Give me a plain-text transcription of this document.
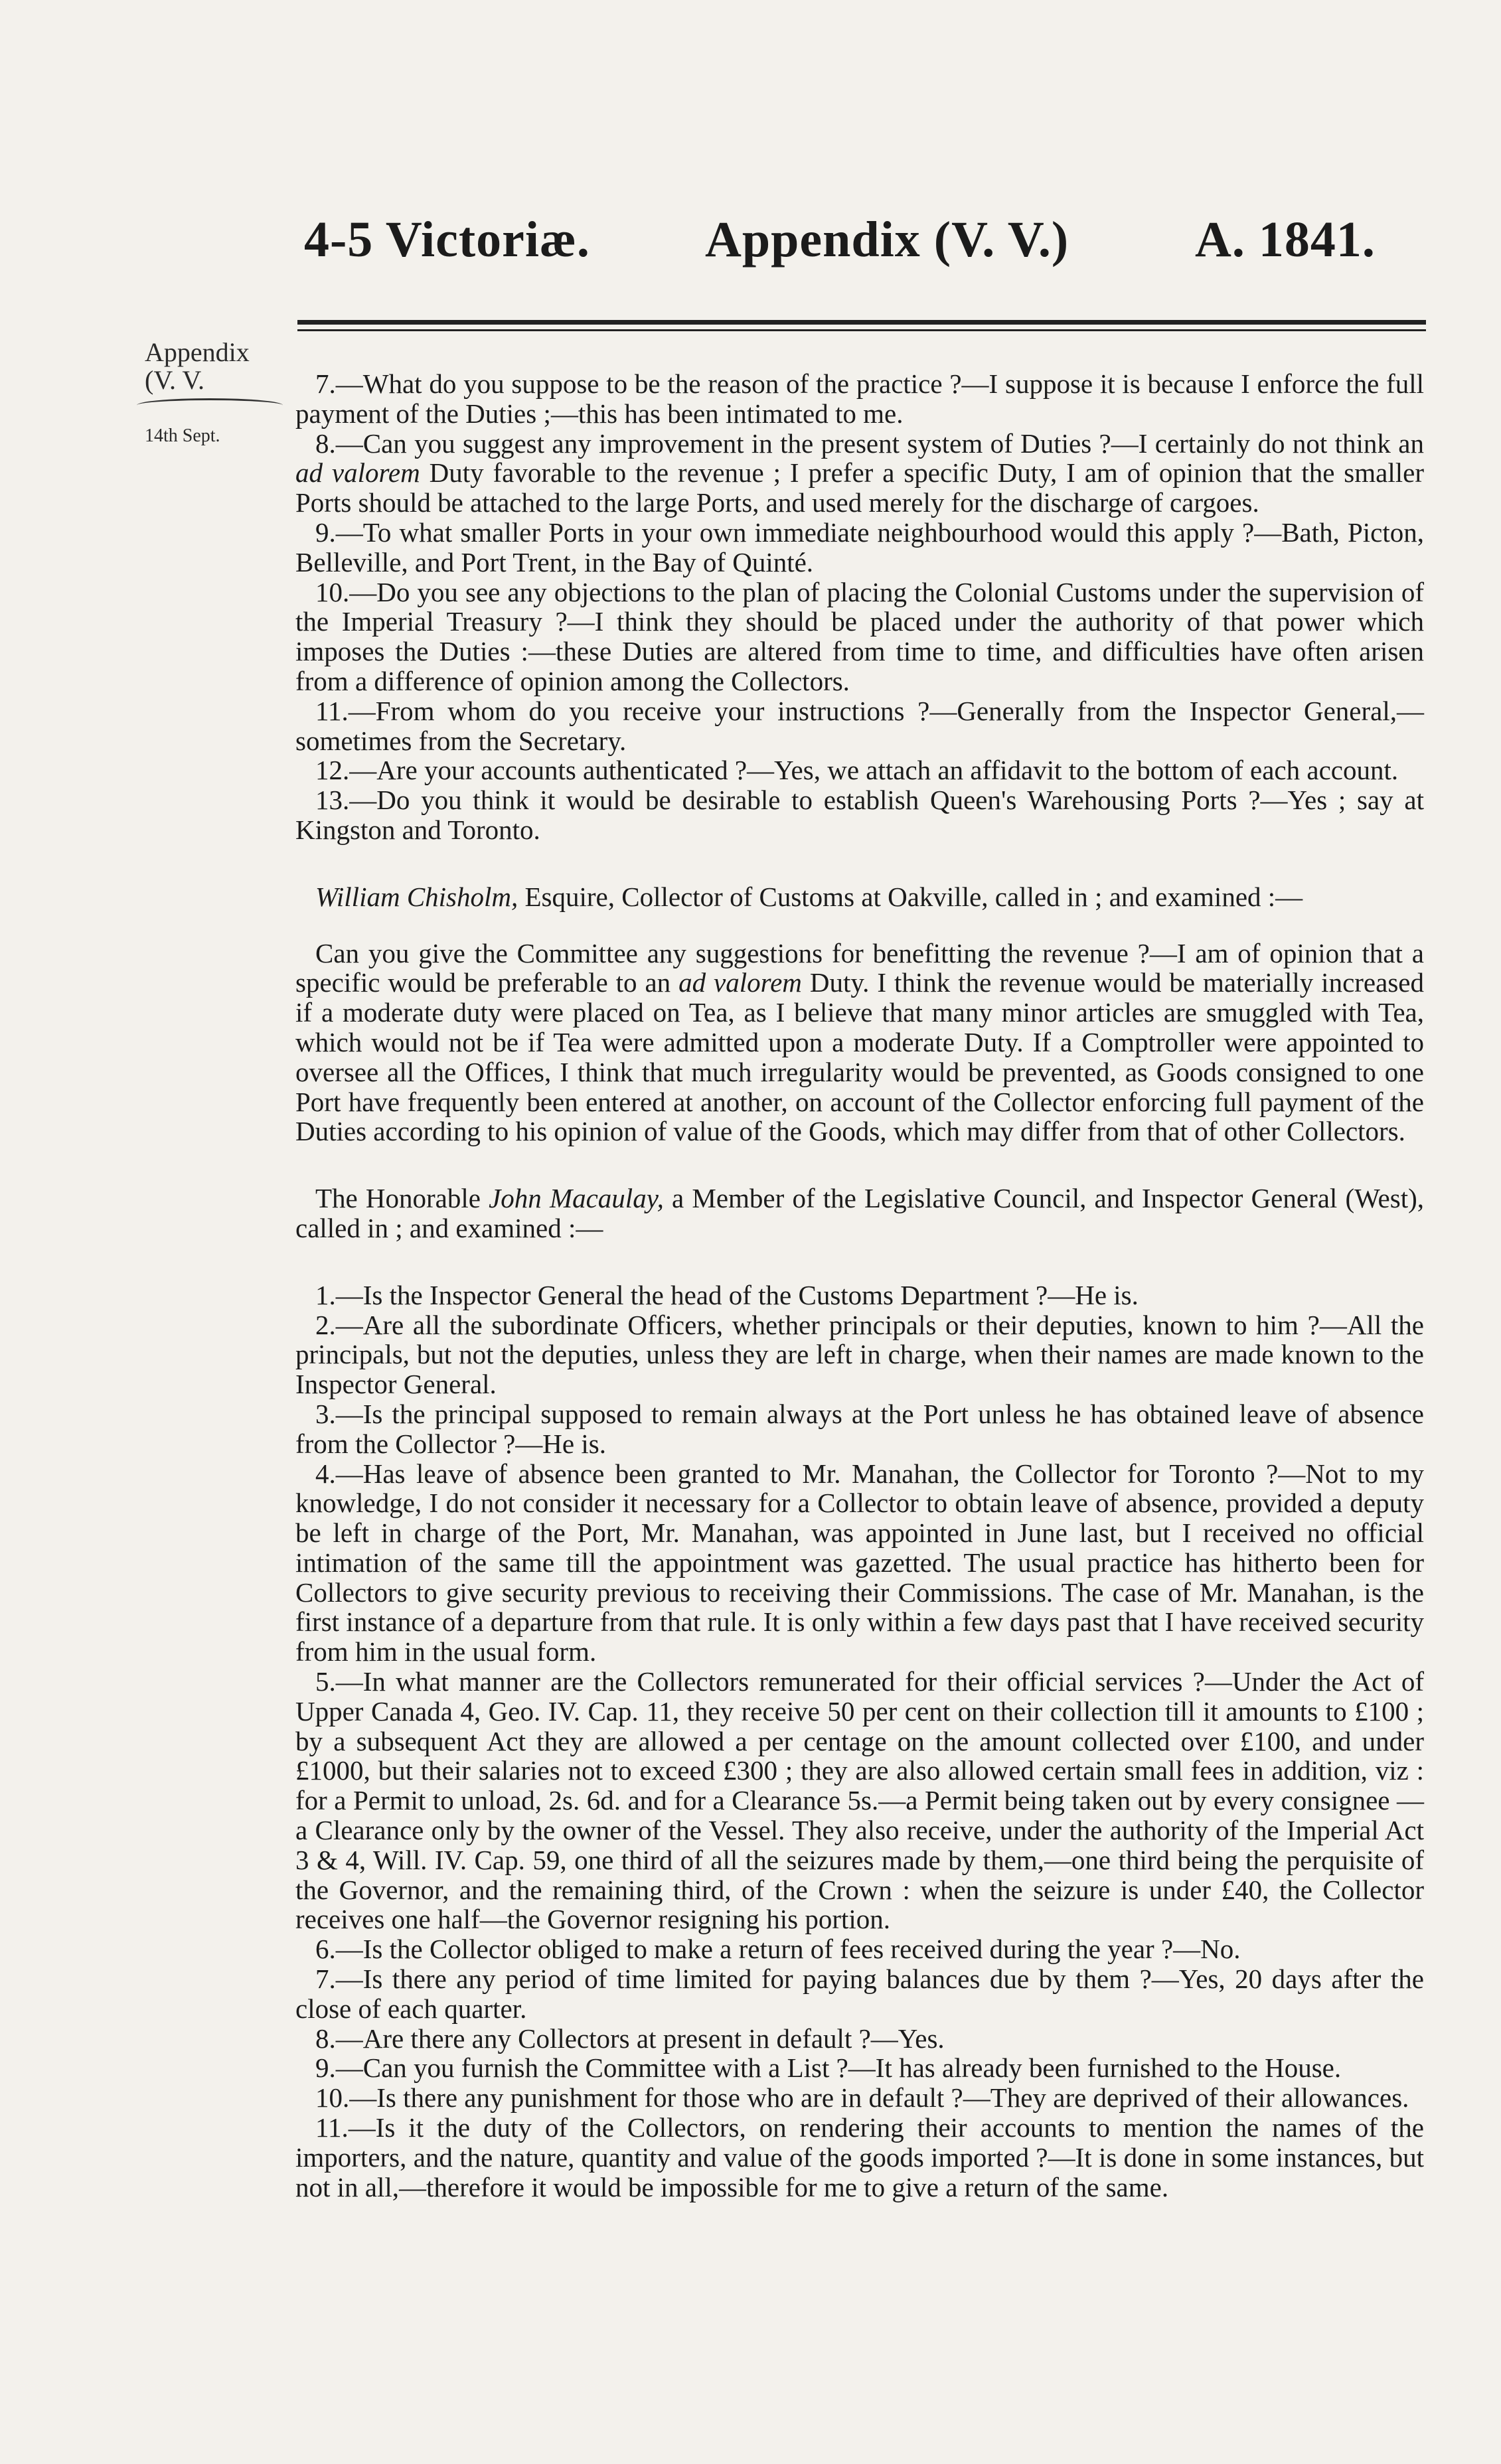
4-5 Victoriæ. Appendix (V. V.) A. 1841.
Appendix
(V. V.
14th Sept.

7.—What do you suppose to be the reason of the practice ?—I suppose it is because I enforce the full payment of the Duties ;—this has been intimated to me.

8.—Can you suggest any improvement in the present system of Duties ?—I certainly do not think an ad valorem Duty favorable to the revenue ; I prefer a specific Duty, I am of opinion that the smaller Ports should be attached to the large Ports, and used merely for the discharge of cargoes.

9.—To what smaller Ports in your own immediate neighbourhood would this apply ?—Bath, Picton, Belleville, and Port Trent, in the Bay of Quinté.

10.—Do you see any objections to the plan of placing the Colonial Customs under the supervision of the Imperial Treasury ?—I think they should be placed under the authority of that power which imposes the Duties :—these Duties are altered from time to time, and difficulties have often arisen from a difference of opinion among the Collectors.

11.—From whom do you receive your instructions ?—Generally from the Inspector General,—sometimes from the Secretary.

12.—Are your accounts authenticated ?—Yes, we attach an affidavit to the bottom of each account.

13.—Do you think it would be desirable to establish Queen's Warehousing Ports ?—Yes ; say at Kingston and Toronto.

William Chisholm, Esquire, Collector of Customs at Oakville, called in ; and examined :—

Can you give the Committee any suggestions for benefitting the revenue ?—I am of opinion that a specific would be preferable to an ad valorem Duty. I think the revenue would be materially increased if a moderate duty were placed on Tea, as I believe that many minor articles are smuggled with Tea, which would not be if Tea were admitted upon a moderate Duty. If a Comptroller were appointed to oversee all the Offices, I think that much irregularity would be prevented, as Goods consigned to one Port have frequently been entered at another, on account of the Collector enforcing full payment of the Duties according to his opinion of value of the Goods, which may differ from that of other Collectors.

The Honorable John Macaulay, a Member of the Legislative Council, and Inspector General (West), called in ; and examined :—

1.—Is the Inspector General the head of the Customs Department ?—He is.

2.—Are all the subordinate Officers, whether principals or their deputies, known to him ?—All the principals, but not the deputies, unless they are left in charge, when their names are made known to the Inspector General.

3.—Is the principal supposed to remain always at the Port unless he has obtained leave of absence from the Collector ?—He is.

4.—Has leave of absence been granted to Mr. Manahan, the Collector for Toronto ?—Not to my knowledge, I do not consider it necessary for a Collector to obtain leave of absence, provided a deputy be left in charge of the Port, Mr. Manahan, was appointed in June last, but I received no official intimation of the same till the appointment was gazetted. The usual practice has hitherto been for Collectors to give security previous to receiving their Commissions. The case of Mr. Manahan, is the first instance of a departure from that rule. It is only within a few days past that I have received security from him in the usual form.

5.—In what manner are the Collectors remunerated for their official services ?—Under the Act of Upper Canada 4, Geo. IV. Cap. 11, they receive 50 per cent on their collection till it amounts to £100 ; by a subsequent Act they are allowed a per centage on the amount collected over £100, and under £1000, but their salaries not to exceed £300 ; they are also allowed certain small fees in addition, viz : for a Permit to unload, 2s. 6d. and for a Clearance 5s.—a Permit being taken out by every consignee —a Clearance only by the owner of the Vessel. They also receive, under the authority of the Imperial Act 3 & 4, Will. IV. Cap. 59, one third of all the seizures made by them,—one third being the perquisite of the Governor, and the remaining third, of the Crown : when the seizure is under £40, the Collector receives one half—the Governor resigning his portion.

6.—Is the Collector obliged to make a return of fees received during the year ?—No.

7.—Is there any period of time limited for paying balances due by them ?—Yes, 20 days after the close of each quarter.

8.—Are there any Collectors at present in default ?—Yes.

9.—Can you furnish the Committee with a List ?—It has already been furnished to the House.

10.—Is there any punishment for those who are in default ?—They are deprived of their allowances.

11.—Is it the duty of the Collectors, on rendering their accounts to mention the names of the importers, and the nature, quantity and value of the goods imported ?—It is done in some instances, but not in all,—therefore it would be impossible for me to give a return of the same.
